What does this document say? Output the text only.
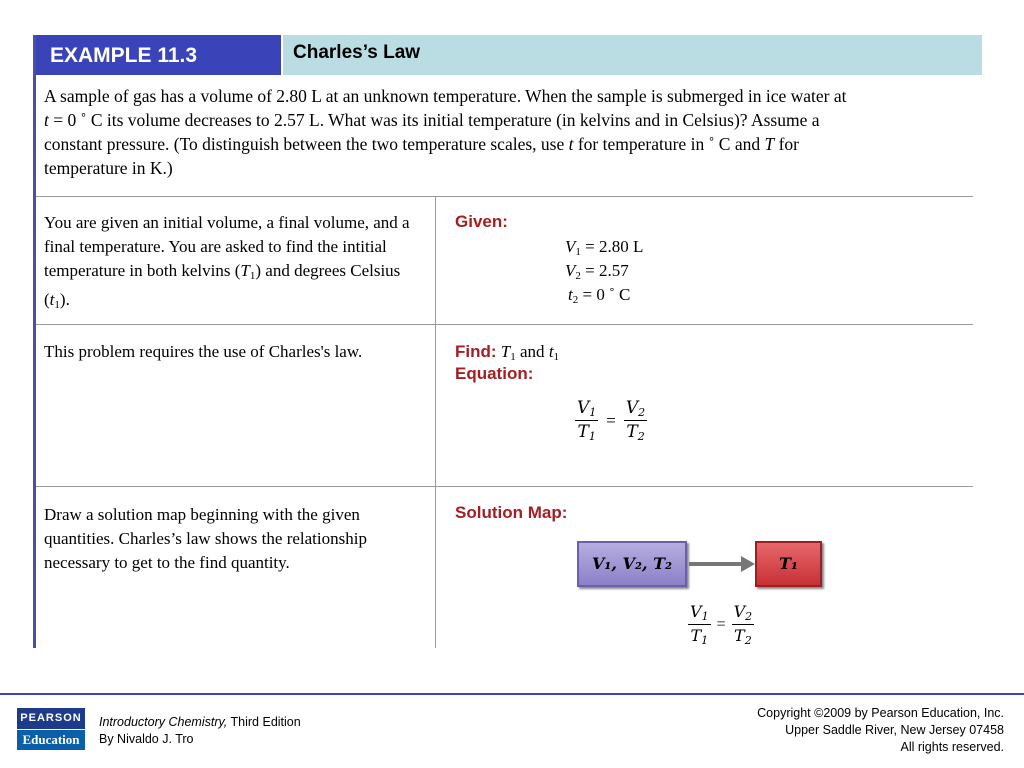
EXAMPLE 11.3	Charles’s Law
A sample of gas has a volume of 2.80 L at an unknown temperature. When the sample is submerged in ice water at
t = 0 ˚ C its volume decreases to 2.57 L. What was its initial temperature (in kelvins and in Celsius)? Assume a
constant pressure. (To distinguish between the two temperature scales, use t for temperature in ˚ C and T for
temperature in K.)
You are given an initial volume, a final volume, and a final temperature. You are asked to find the intitial temperature in both kelvins $(T_1)$ and degrees Celsius $(t_1)$.
Given:
$V_1 = 2.80$ L
$V_2 = 2.57$
$t_2 = 0$ ˚ C
This problem requires the use of Charles's law.	Find: $T_1$ and $t_1$
Equation:
$\frac{V_1}{T_1} = \frac{V_2}{T_2}$
Draw a solution map beginning with the given quantities. Charles’s law shows the relationship necessary to get to the find quantity.
Solution Map:
V₁, V₂, T₂	T₁
$\frac{V_1}{T_1} = \frac{V_2}{T_2}$
PEARSON
Education
Introductory Chemistry, Third Edition
By Nivaldo J. Tro
Copyright ©2009 by Pearson Education, Inc.
Upper Saddle River, New Jersey 07458
All rights reserved.
